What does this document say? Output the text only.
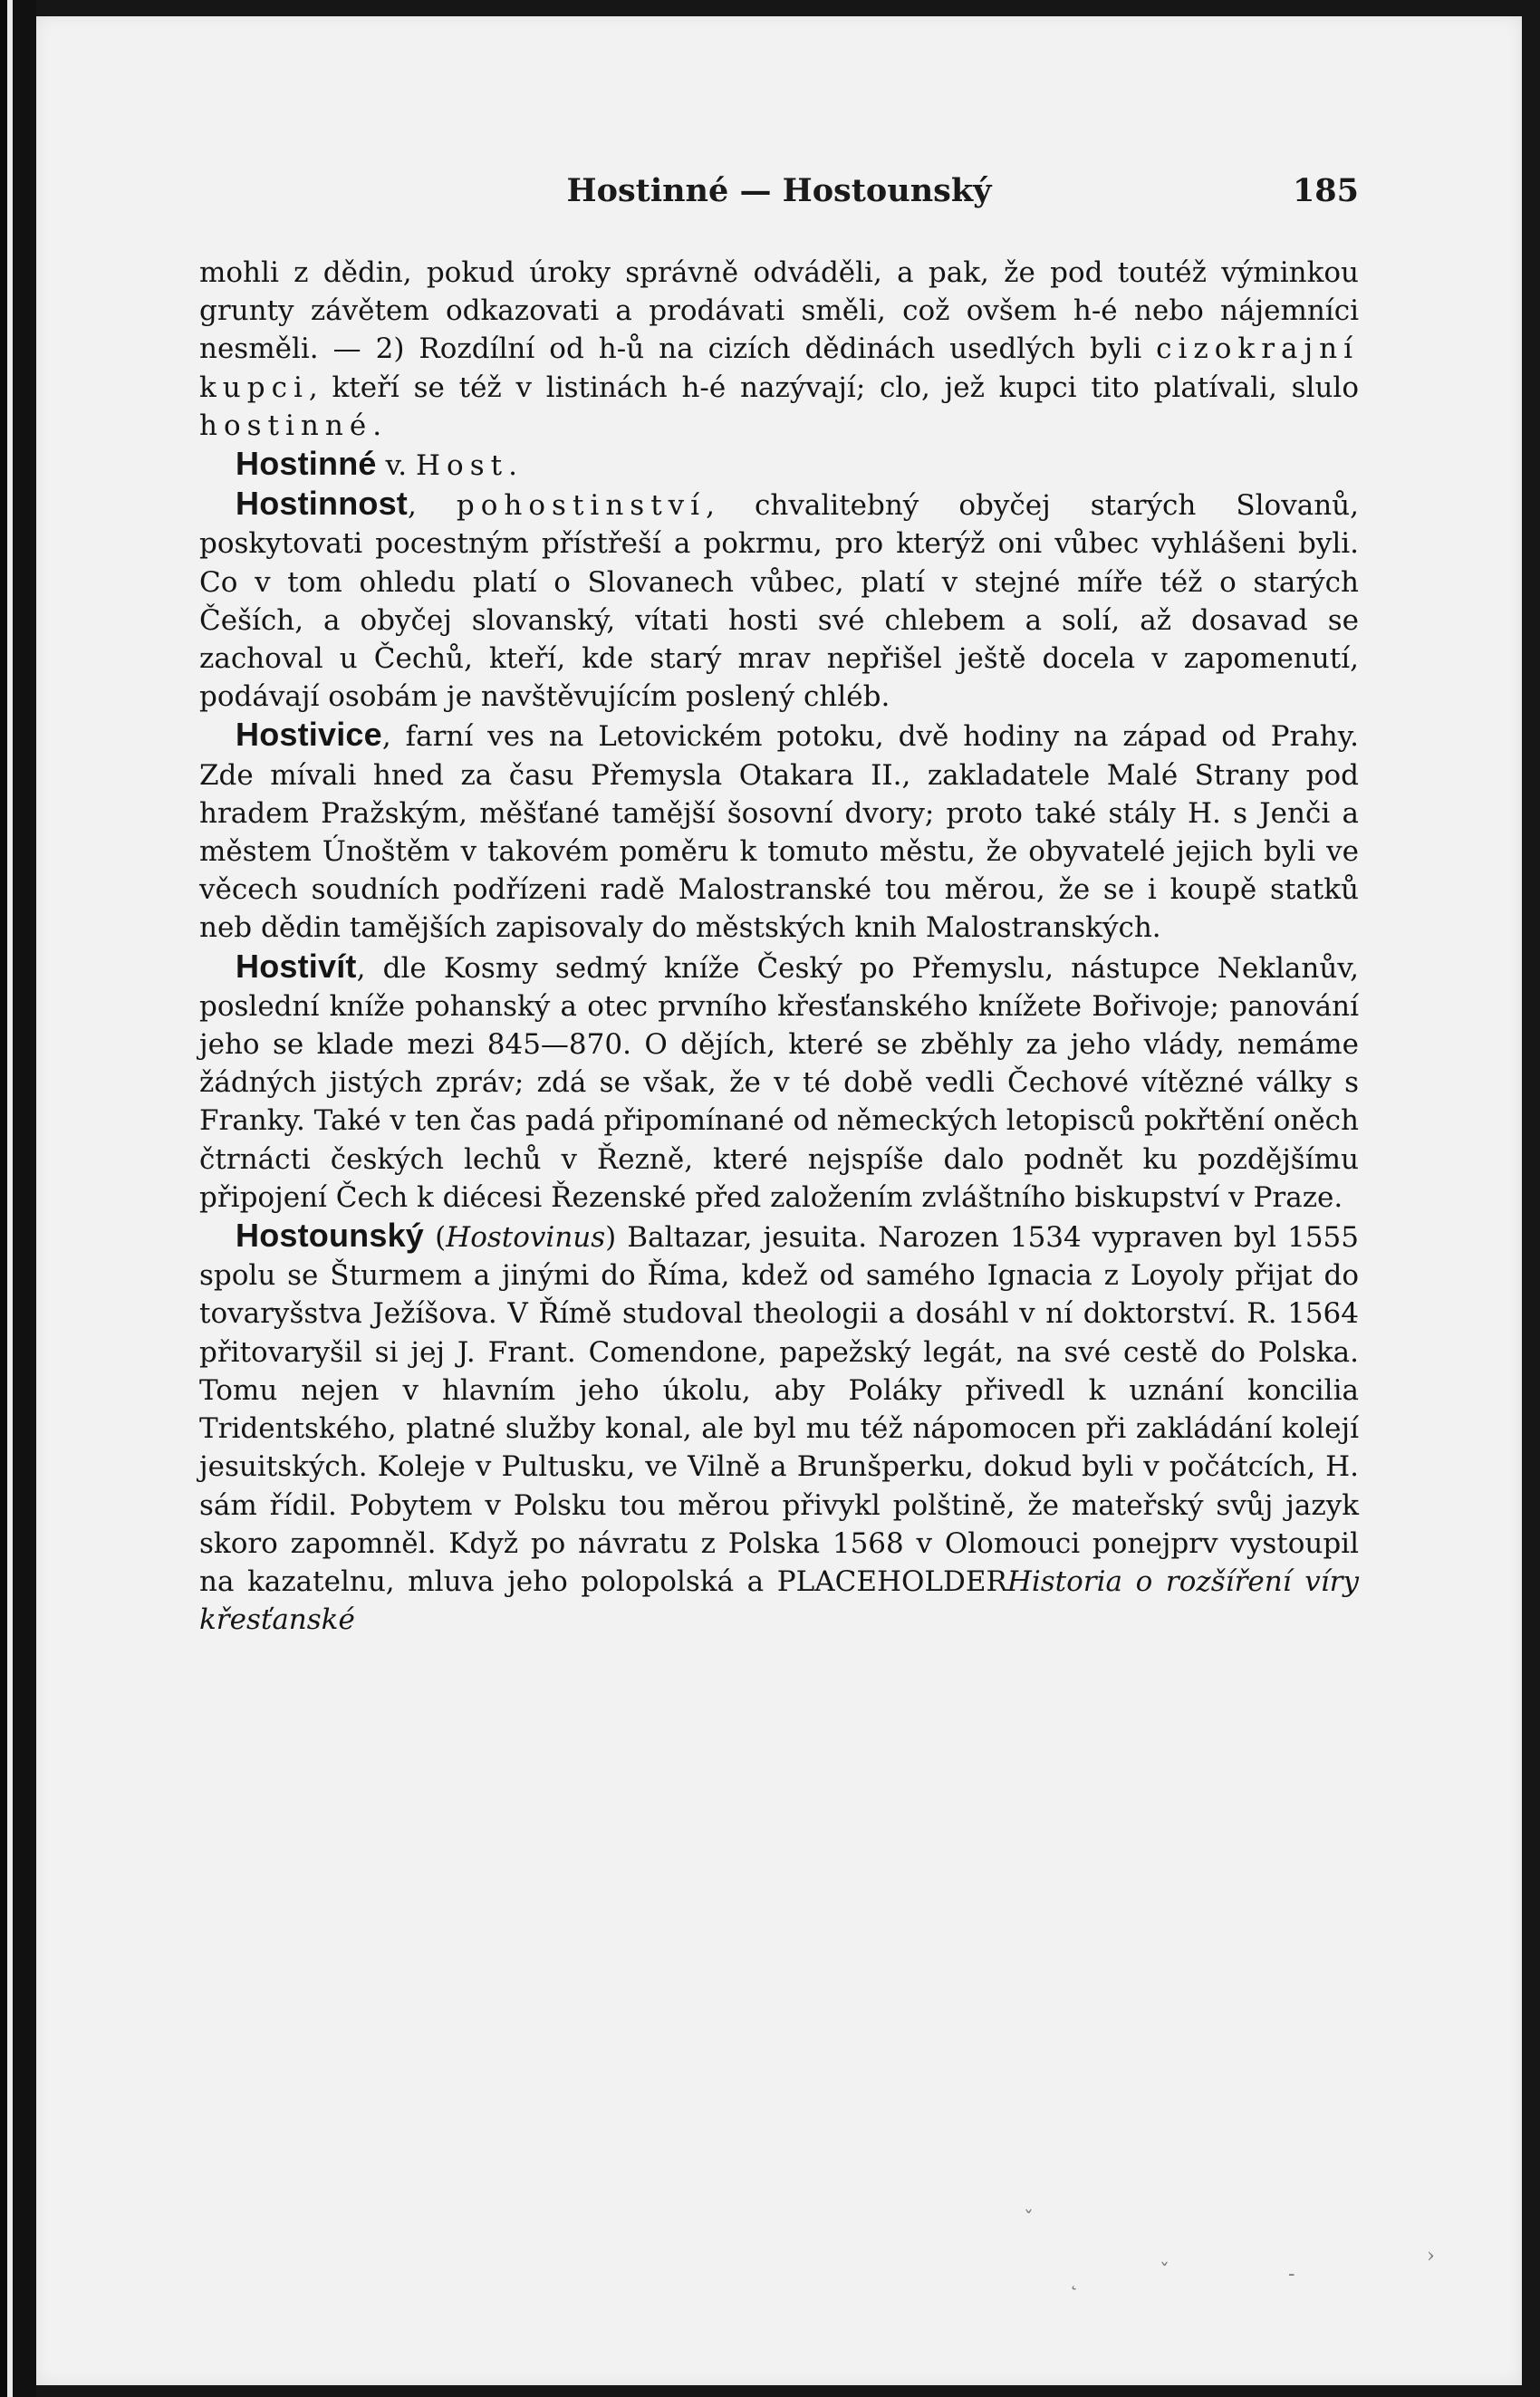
Hostinné — Hostounský	185

mohli z dědin, pokud úroky správně odváděli, a pak, že pod toutéž výminkou grunty závětem odkazovati a prodávati směli, což ovšem h-é nebo nájemníci nesměli. — 2) Rozdílní od h-ů na cizích dědinách usedlých byli cizokrajní kupci, kteří se též v listinách h-é nazývají; clo, jež kupci tito platívali, slulo hostinné.

Hostinné v. Host.

Hostinnost, pohostinství, chvalitebný obyčej starých Slovanů, poskytovati pocestným přístřeší a pokrmu, pro kterýž oni vůbec vyhlášeni byli. Co v tom ohledu platí o Slovanech vůbec, platí v stejné míře též o starých Češích, a obyčej slovanský, vítati hosti své chlebem a solí, až dosavad se zachoval u Čechů, kteří, kde starý mrav nepřišel ještě docela v zapomenutí, podávají osobám je navštěvujícím poslený chléb.

Hostivice, farní ves na Letovickém potoku, dvě hodiny na západ od Prahy. Zde mívali hned za času Přemysla Otakara II., zakladatele Malé Strany pod hradem Pražským, měšťané tamější šosovní dvory; proto také stály H. s Jenči a městem Únoštěm v takovém poměru k tomuto městu, že obyvatelé jejich byli ve věcech soudních podřízeni radě Malostranské tou měrou, že se i koupě statků neb dědin tamějších zapisovaly do městských knih Malostranských.

Hostivít, dle Kosmy sedmý kníže Český po Přemyslu, nástupce Neklanův, poslední kníže pohanský a otec prvního křesťanského knížete Bořivoje; panování jeho se klade mezi 845—870. O dějích, které se zběhly za jeho vlády, nemáme žádných jistých zpráv; zdá se však, že v té době vedli Čechové vítězné války s Franky. Také v ten čas padá připomínané od německých letopisců pokřtění oněch čtrnácti českých lechů v Řezně, které nejspíše dalo podnět ku pozdějšímu připojení Čech k diécesi Řezenské před založením zvláštního biskupství v Praze.

Hostounský (Hostovinus) Baltazar, jesuita. Narozen 1534 vypraven byl 1555 spolu se Šturmem a jinými do Říma, kdež od samého Ignacia z Loyoly přijat do tovaryšstva Ježíšova. V Římě studoval theologii a dosáhl v ní doktorství. R. 1564 přitovaryšil si jej J. Frant. Comendone, papežský legát, na své cestě do Polska. Tomu nejen v hlavním jeho úkolu, aby Poláky přivedl k uznání koncilia Tridentského, platné služby konal, ale byl mu též nápomocen při zakládání kolejí jesuitských. Koleje v Pultusku, ve Vilně a Brunšperku, dokud byli v počátcích, H. sám řídil. Pobytem v Polsku tou měrou přivykl polštině, že mateřský svůj jazyk skoro zapomněl. Když po návratu z Polska 1568 v Olomouci ponejprv vystoupil na kazatelnu, mluva jeho polopolská a PLACEHOLDERHistoria o rozšíření víry křesťanské

ˇ
ˇ
˛	-
›
